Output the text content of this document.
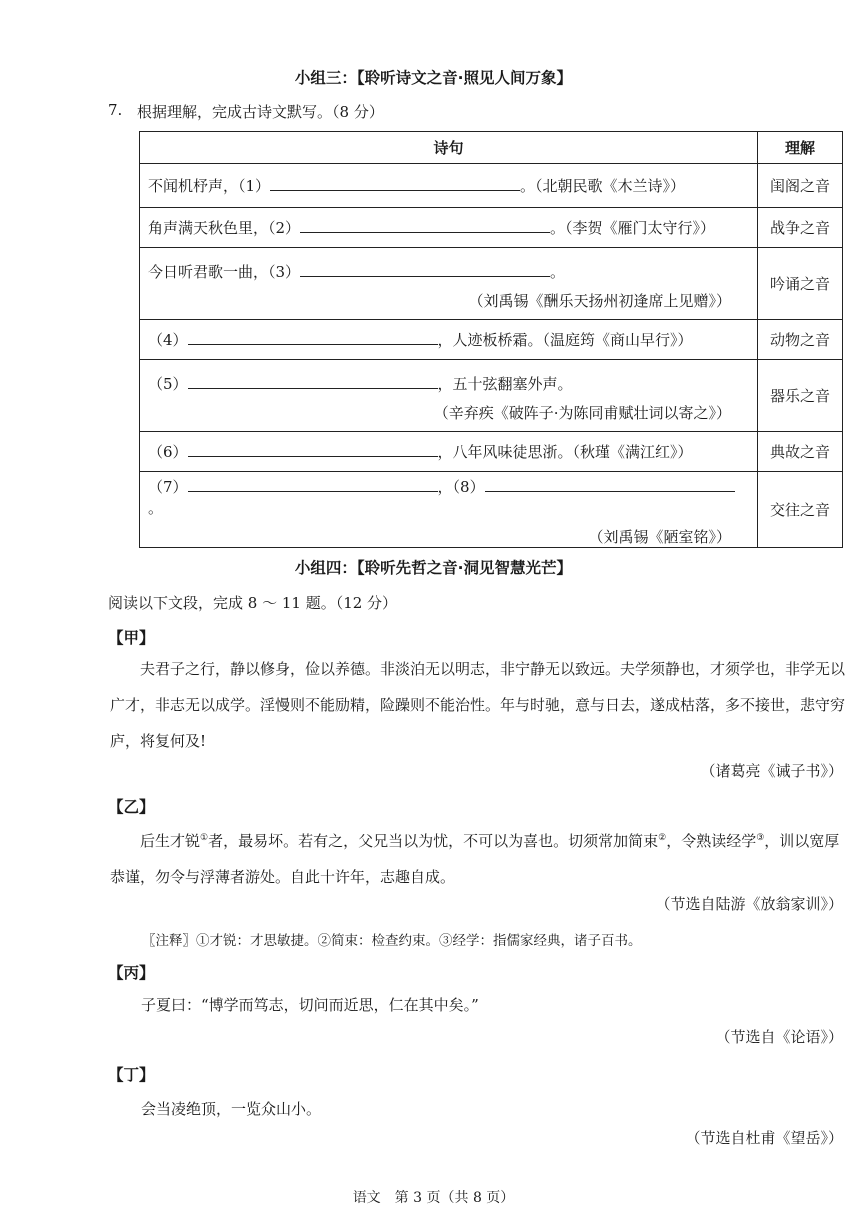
小组三：【聆听诗文之音·照见人间万象】
7. 根据理解，完成古诗文默写。（8 分）
诗句	理解
不闻机杼声，（1） 。（北朝民歌《木兰诗》）	闺阁之音
角声满天秋色里，（2） 。（李贺《雁门太守行》）	战争之音

今日听君歌一曲，（3） 。
（刘禹锡《酬乐天扬州初逢席上见赠》）	吟诵之音
（4） ，人迹板桥霜。（温庭筠《商山早行》）	动物之音

（5） ，五十弦翻塞外声。
（辛弃疾《破阵子·为陈同甫赋壮词以寄之》）	器乐之音
（6） ，八年风味徒思浙。（秋瑾《满江红》）	典故之音

（7） ，（8）。
（刘禹锡《陋室铭》）	交往之音
小组四：【聆听先哲之音·洞见智慧光芒】
阅读以下文段，完成 8 ～ 11 题。（12 分）
【甲】
夫君子之行，静以修身，俭以养德。非淡泊无以明志，非宁静无以致远。夫学须静也，才须学也，非学无以广才，非志无以成学。淫慢则不能励精，险躁则不能治性。年与时驰，意与日去，遂成枯落，多不接世，悲守穷庐，将复何及!
（诸葛亮《诫子书》）
【乙】
后生才锐①者，最易坏。若有之，父兄当以为忧，不可以为喜也。切须常加简束②，令熟读经学③，训以宽厚恭谨，勿令与浮薄者游处。自此十许年，志趣自成。
（节选自陆游《放翁家训》）
〖注释〗①才锐：才思敏捷。②简束：检查约束。③经学：指儒家经典，诸子百书。
【丙】
子夏曰：“博学而笃志，切问而近思，仁在其中矣。”
（节选自《论语》）
【丁】
会当凌绝顶，一览众山小。
（节选自杜甫《望岳》）
语文　第 3 页（共 8 页）
